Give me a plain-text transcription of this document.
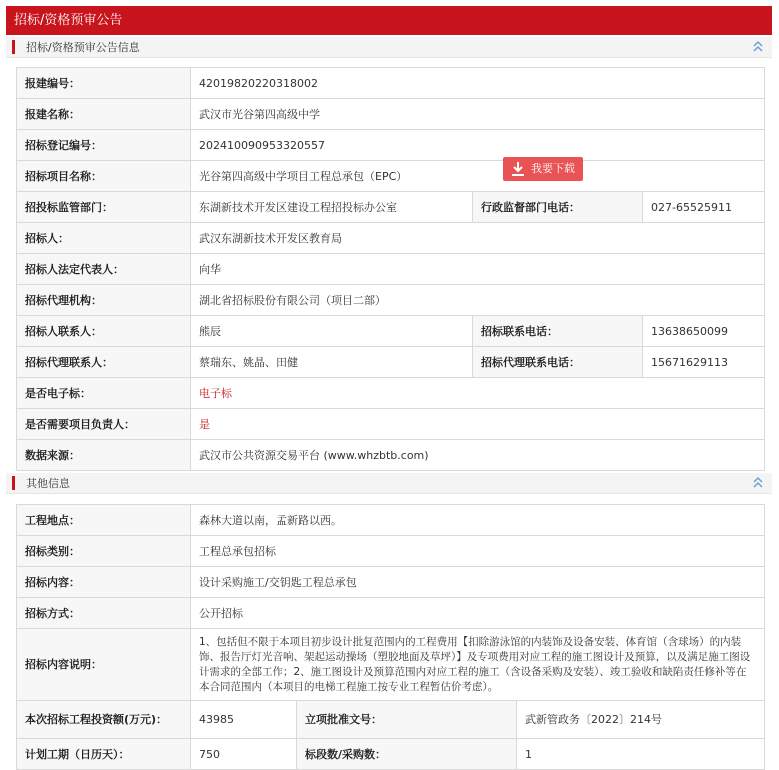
招标/资格预审公告
招标/资格预审公告信息
报建编号：	42019820220318002		
报建名称：	武汉市光谷第四高级中学		
招标登记编号：	202410090953320557		
招标项目名称：	光谷第四高级中学项目工程总承包（EPC）		
招投标监管部门：	东湖新技术开发区建设工程招投标办公室	行政监督部门电话：	027-65525911
招标人：	武汉东湖新技术开发区教育局		
招标人法定代表人：	向华		
招标代理机构：	湖北省招标股份有限公司（项目二部）		
招标人联系人：	熊辰	招标联系电话：	13638650099
招标代理联系人：	蔡瑞东、姚晶、田健	招标代理联系电话：	15671629113
是否电子标：	电子标		
是否需要项目负责人：	是		
数据来源：	武汉市公共资源交易平台 (www.whzbtb.com)		
我要下载
其他信息
工程地点：	森林大道以南，孟新路以西。		
招标类别：	工程总承包招标		
招标内容：	设计采购施工/交钥匙工程总承包		
招标方式：	公开招标		
招标内容说明：	1、包括但不限于本项目初步设计批复范围内的工程费用【扣除游泳馆的内装饰及设备安装、体育馆（含球场）的内装饰、报告厅灯光音响、架起运动操场（塑胶地面及草坪）】及专项费用对应工程的施工图设计及预算，以及满足施工图设计需求的全部工作；2、施工图设计及预算范围内对应工程的施工（含设备采购及安装）、竣工验收和缺陷责任修补等在本合同范围内（本项目的电梯工程施工按专业工程暂估价考虑）。		
本次招标工程投资额(万元)：	43985	立项批准文号：	武新管政务〔2022〕214号
计划工期（日历天）：	750	标段数/采购数：	1
